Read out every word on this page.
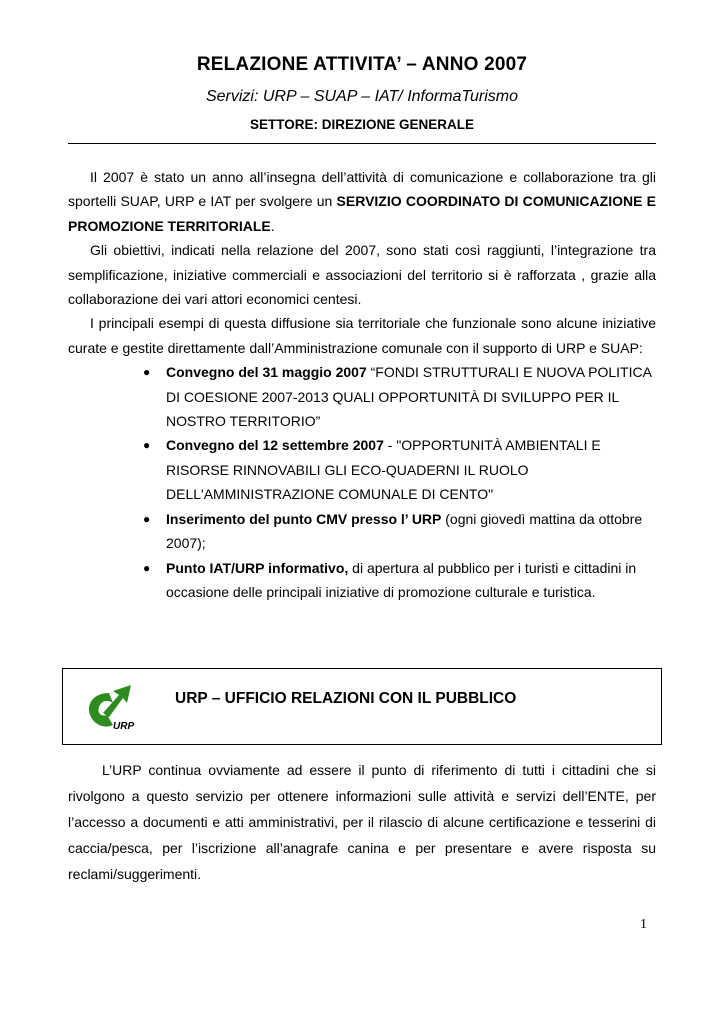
RELAZIONE ATTIVITA’ – ANNO 2007
Servizi: URP – SUAP – IAT/ InformaTurismo
SETTORE: DIREZIONE GENERALE

Il 2007 è stato un anno all’insegna dell’attività di comunicazione e collaborazione tra gli sportelli SUAP, URP e IAT per svolgere un SERVIZIO COORDINATO DI COMUNICAZIONE E PROMOZIONE TERRITORIALE.

Gli obiettivi, indicati nella relazione del 2007, sono stati così raggiunti, l’integrazione tra semplificazione, iniziative commerciali e associazioni del territorio si è rafforzata , grazie alla collaborazione dei vari attori economici centesi.

I principali esempi di questa diffusione sia territoriale che funzionale sono alcune iniziative curate e gestite direttamente dall’Amministrazione comunale con il supporto di URP e SUAP:

● Convegno del 31 maggio 2007 “FONDI STRUTTURALI E NUOVA POLITICA DI COESIONE 2007-2013 QUALI OPPORTUNITÀ DI SVILUPPO PER IL NOSTRO TERRITORIO”
● Convegno del 12 settembre 2007 - "OPPORTUNITÀ AMBIENTALI E RISORSE RINNOVABILI GLI ECO-QUADERNI IL RUOLO DELL'AMMINISTRAZIONE COMUNALE DI CENTO"
● Inserimento del punto CMV presso l’ URP (ogni giovedì mattina da ottobre 2007);
● Punto IAT/URP informativo, di apertura al pubblico per i turisti e cittadini in occasione delle principali iniziative di promozione culturale e turistica.
URP
URP – UFFICIO RELAZIONI CON IL PUBBLICO

L’URP continua ovviamente ad essere il punto di riferimento di tutti i cittadini che si rivolgono a questo servizio per ottenere informazioni sulle attività e servizi dell’ENTE, per l’accesso a documenti e atti amministrativi, per il rilascio di alcune certificazione e tesserini di caccia/pesca, per l’iscrizione all’anagrafe canina e per presentare e avere risposta su reclami/suggerimenti.

1
